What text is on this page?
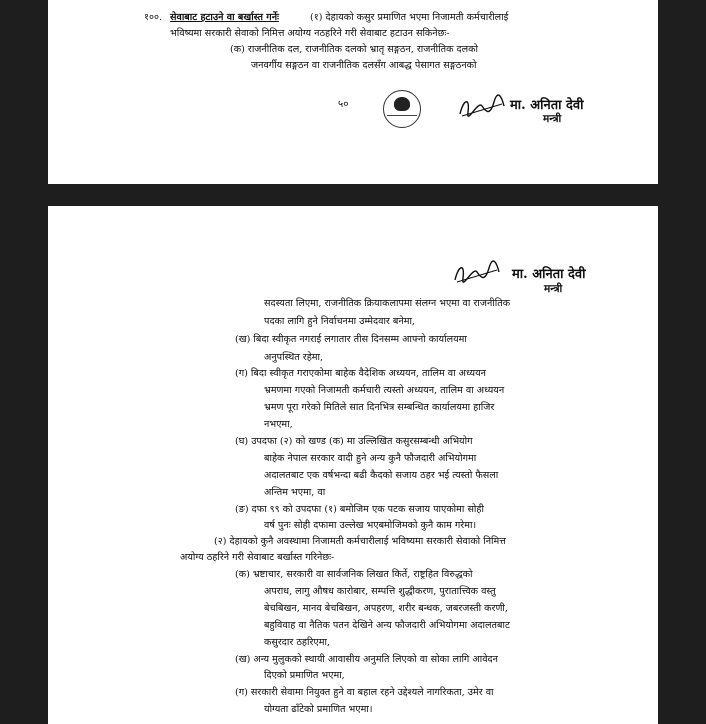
१००. सेवाबाट हटाउने वा बर्खास्त गर्नेः	(१) देहायको कसुर प्रमाणित भएमा निजामती कर्मचारीलाई
भविष्यमा सरकारी सेवाको निमित्त अयोग्य नठहरिने गरी सेवाबाट हटाउन सकिनेछः-
(क) राजनीतिक दल, राजनीतिक दलको भ्रातृ सङ्गठन, राजनीतिक दलको
जनवर्गीय सङ्गठन वा राजनीतिक दलसँग आबद्ध पेसागत सङ्गठनको
५०	मा. अनिता देवी
मन्त्री
मा. अनिता देवी
मन्त्री
सदस्यता लिएमा, राजनीतिक क्रियाकलापमा संलग्न भएमा वा राजनीतिक
पदका लागि हुने निर्वाचनमा उम्मेदवार बनेमा,
(ख) बिदा स्वीकृत नगराई लगातार तीस दिनसम्म आफ्नो कार्यालयमा
अनुपस्थित रहेमा,
(ग) बिदा स्वीकृत गराएकोमा बाहेक वैदेशिक अध्ययन, तालिम वा अध्ययन
भ्रमणमा गएको निजामती कर्मचारी त्यस्तो अध्ययन, तालिम वा अध्ययन
भ्रमण पूरा गरेको मितिले सात दिनभित्र सम्बन्धित कार्यालयमा हाजिर
नभएमा,
(घ) उपदफा (२) को खण्ड (क) मा उल्लिखित कसुरसम्बन्धी अभियोग
बाहेक नेपाल सरकार वादी हुने अन्य कुनै फौजदारी अभियोगमा
अदालतबाट एक वर्षभन्दा बढी कैदको सजाय ठहर भई त्यस्तो फैसला
अन्तिम भएमा, वा
(ङ) दफा ९९ को उपदफा (१) बमोजिम एक पटक सजाय पाएकोमा सोही
वर्ष पुनः सोही दफामा उल्लेख भएबमोजिमको कुनै काम गरेमा।
(२) देहायको कुनै अवस्थामा निजामती कर्मचारीलाई भविष्यमा सरकारी सेवाको निमित्त
अयोग्य ठहरिने गरी सेवाबाट बर्खास्त गरिनेछः-
(क) भ्रष्टाचार, सरकारी वा सार्वजनिक लिखत किर्ते, राष्ट्रहित विरुद्धको
अपराध, लागु औषध कारोबार, सम्पत्ति शुद्धीकरण, पुरातात्त्विक वस्तु
बेचबिखन, मानव बेचबिखन, अपहरण, शरीर बन्धक, जबरजस्ती करणी,
बहुविवाह वा नैतिक पतन देखिने अन्य फौजदारी अभियोगमा अदालतबाट
कसुरदार ठहरिएमा,
(ख) अन्य मुलुकको स्थायी आवासीय अनुमति लिएको वा सोका लागि आवेदन
दिएको प्रमाणित भएमा,
(ग) सरकारी सेवामा नियुक्त हुने वा बहाल रहने उद्देश्यले नागरिकता, उमेर वा
योग्यता ढाँटेको प्रमाणित भएमा।
